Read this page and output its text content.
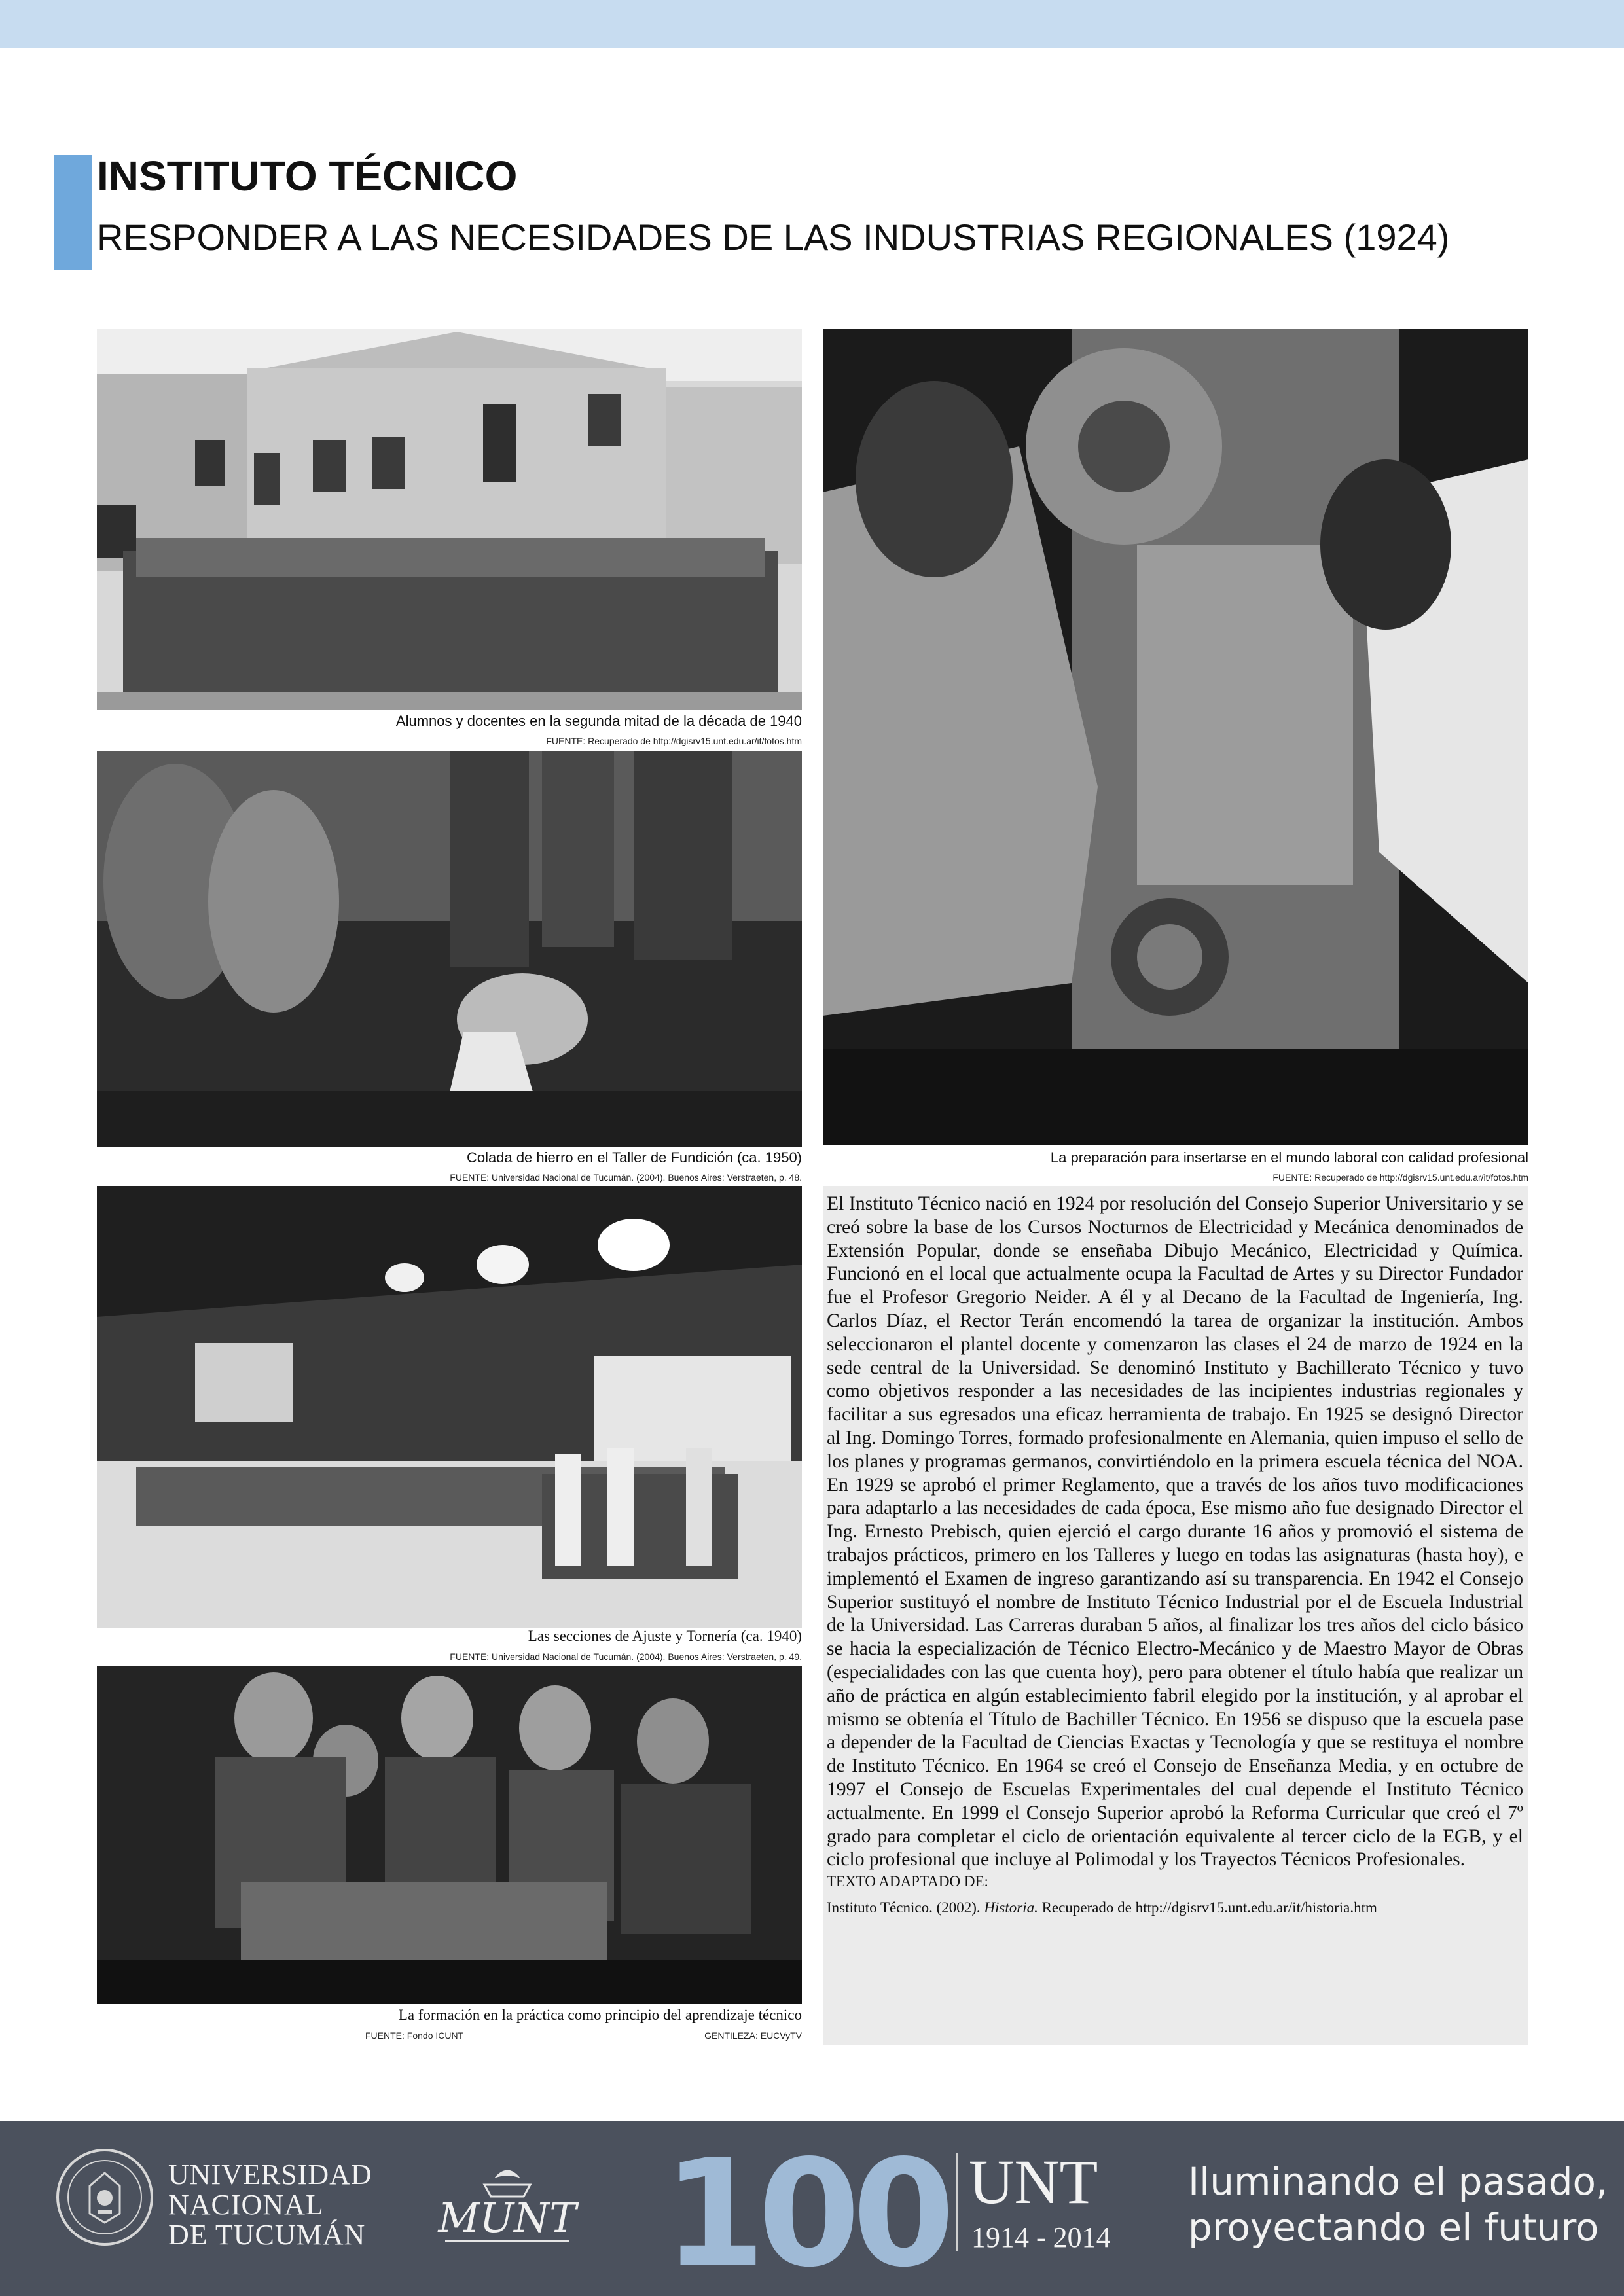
INSTITUTO TÉCNICO
RESPONDER A LAS NECESIDADES DE LAS INDUSTRIAS REGIONALES (1924)
Alumnos y docentes en la segunda mitad de la década de 1940
FUENTE: Recuperado de http://dgisrv15.unt.edu.ar/it/fotos.htm
Colada de hierro en el Taller de Fundición (ca. 1950)
FUENTE: Universidad Nacional de Tucumán. (2004). Buenos Aires: Verstraeten, p. 48.
La preparación para insertarse en el mundo laboral con calidad profesional
FUENTE: Recuperado de http://dgisrv15.unt.edu.ar/it/fotos.htm
Las secciones de Ajuste y Tornería (ca. 1940)
FUENTE: Universidad Nacional de Tucumán. (2004). Buenos Aires: Verstraeten, p. 49.
La formación en la práctica como principio del aprendizaje técnico
FUENTE: Fondo ICUNT	GENTILEZA: EUCVyTV

El Instituto Técnico nació en 1924 por resolución del Consejo Superior Universitario y se creó sobre la base de los Cursos Nocturnos de Electricidad y Mecánica denominados de Extensión Popular, donde se enseñaba Dibujo Mecánico, Electricidad y Química. Funcionó en el local que actualmente ocupa la Facultad de Artes y su Director Fundador fue el Profesor Gregorio Neider. A él y al Decano de la Facultad de Ingeniería, Ing. Carlos Díaz, el Rector Terán encomendó la tarea de organizar la institución. Ambos seleccionaron el plantel docente y comenzaron las clases el 24 de marzo de 1924 en la sede central de la Universidad. Se denominó Instituto y Bachillerato Técnico y tuvo como objetivos responder a las necesidades de las incipientes industrias regionales y facilitar a sus egresados una eficaz herramienta de trabajo. En 1925 se designó Director al Ing. Domingo Torres, formado profesionalmente en Alemania, quien impuso el sello de los planes y programas germanos, convirtiéndolo en la primera escuela técnica del NOA. En 1929 se aprobó el primer Reglamento, que a través de los años tuvo modificaciones para adaptarlo a las necesidades de cada época, Ese mismo año fue designado Director el Ing. Ernesto Prebisch, quien ejerció el cargo durante 16 años y promovió el sistema de trabajos prácticos, primero en los Talleres y luego en todas las asignaturas (hasta hoy), e implementó el Examen de ingreso garantizando así su transparencia. En 1942 el Consejo Superior sustituyó el nombre de Instituto Técnico Industrial por el de Escuela Industrial de la Universidad. Las Carreras duraban 5 años, al finalizar los tres años del ciclo básico se hacia la especialización de Técnico Electro-Mecánico y de Maestro Mayor de Obras (especialidades con las que cuenta hoy), pero para obtener el título había que realizar un año de práctica en algún establecimiento fabril elegido por la institución, y al aprobar el mismo se obtenía el Título de Bachiller Técnico. En 1956 se dispuso que la escuela pase a depender de la Facultad de Ciencias Exactas y Tecnología y que se restituya el nombre de Instituto Técnico. En 1964 se creó el Consejo de Enseñanza Media, y en octubre de 1997 el Consejo de Escuelas Experimentales del cual depende el Instituto Técnico actualmente. En 1999 el Consejo Superior aprobó la Reforma Curricular que creó el 7º grado para completar el ciclo de orientación equivalente al tercer ciclo de la EGB, y el ciclo profesional que incluye al Polimodal y los Trayectos Técnicos Profesionales.

TEXTO ADAPTADO DE:
Instituto Técnico. (2002). Historia. Recuperado de http://dgisrv15.unt.edu.ar/it/historia.htm
UNIVERSIDAD
NACIONAL
DE TUCUMÁN MUNT 100 UNT
1914 - 2014
Iluminando el pasado,
proyectando el futuro
